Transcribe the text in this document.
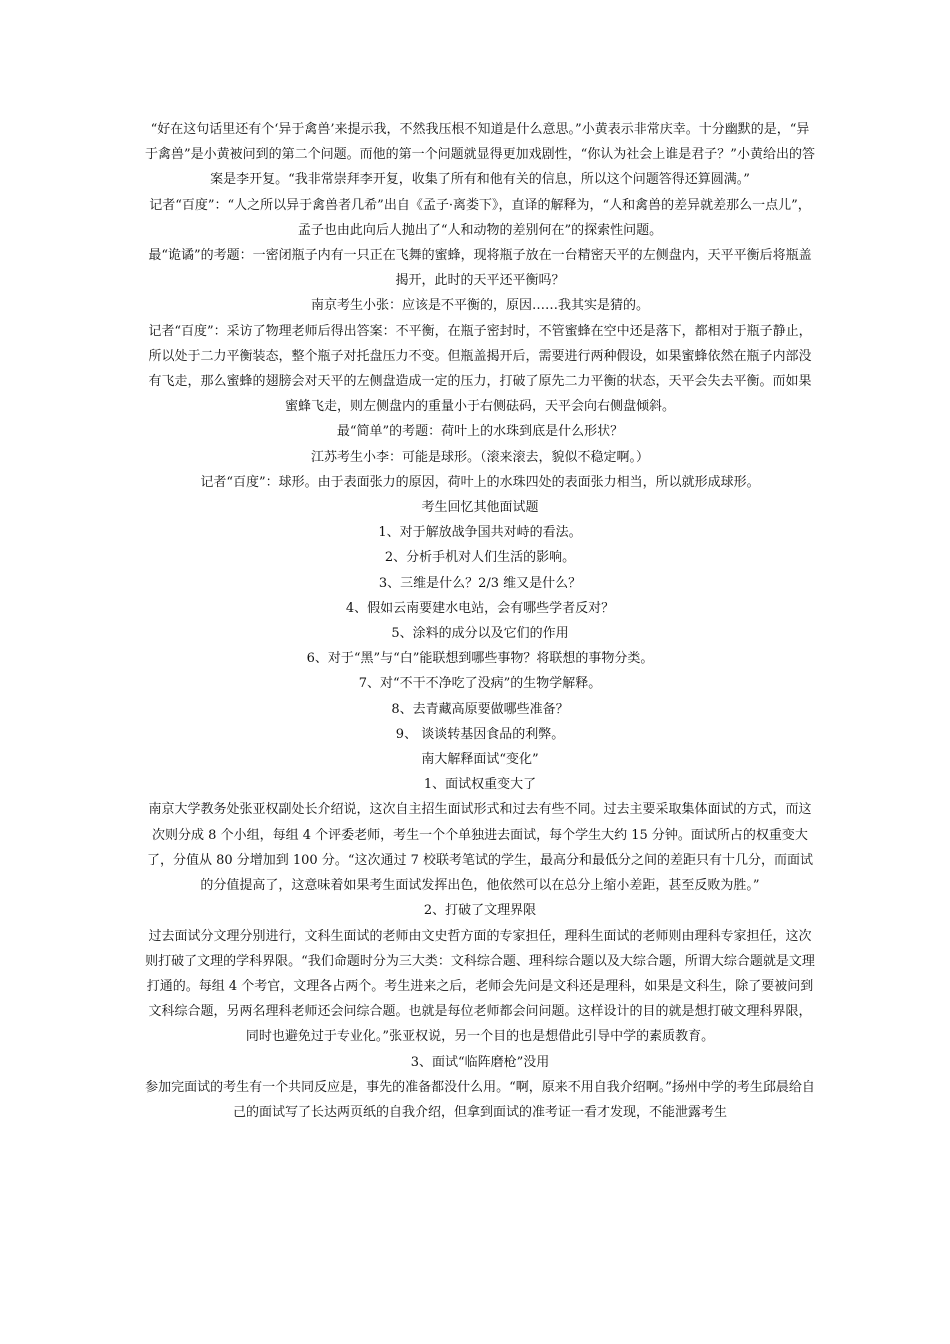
“好在这句话里还有个‘异于禽兽’来提示我，不然我压根不知道是什么意思。”小黄表示非常庆幸。十分幽默的是，“异于禽兽”是小黄被问到的第二个问题。而他的第一个问题就显得更加戏剧性，“你认为社会上谁是君子？”小黄给出的答案是李开复。“我非常崇拜李开复，收集了所有和他有关的信息，所以这个问题答得还算圆满。”

记者“百度”：“人之所以异于禽兽者几希”出自《孟子·离娄下》，直译的解释为，“人和禽兽的差异就差那么一点儿”，孟子也由此向后人抛出了“人和动物的差别何在”的探索性问题。

最“诡谲”的考题：一密闭瓶子内有一只正在飞舞的蜜蜂，现将瓶子放在一台精密天平的左侧盘内，天平平衡后将瓶盖揭开，此时的天平还平衡吗？

南京考生小张：应该是不平衡的，原因……我其实是猜的。

记者“百度”：采访了物理老师后得出答案：不平衡，在瓶子密封时，不管蜜蜂在空中还是落下，都相对于瓶子静止，所以处于二力平衡装态，整个瓶子对托盘压力不变。但瓶盖揭开后，需要进行两种假设，如果蜜蜂依然在瓶子内部没有飞走，那么蜜蜂的翅膀会对天平的左侧盘造成一定的压力，打破了原先二力平衡的状态，天平会失去平衡。而如果蜜蜂飞走，则左侧盘内的重量小于右侧砝码，天平会向右侧盘倾斜。

最“简单”的考题：荷叶上的水珠到底是什么形状？

江苏考生小李：可能是球形。（滚来滚去，貌似不稳定啊。）

记者“百度”：球形。由于表面张力的原因，荷叶上的水珠四处的表面张力相当，所以就形成球形。

考生回忆其他面试题

1、对于解放战争国共对峙的看法。

2、分析手机对人们生活的影响。

3、三维是什么？2/3 维又是什么？

4、假如云南要建水电站，会有哪些学者反对？

5、涂料的成分以及它们的作用

6、对于“黑”与“白”能联想到哪些事物？将联想的事物分类。

7、对“不干不净吃了没病”的生物学解释。

8、去青藏高原要做哪些准备？

9、 谈谈转基因食品的利弊。

南大解释面试“变化”

1、面试权重变大了

南京大学教务处张亚权副处长介绍说，这次自主招生面试形式和过去有些不同。过去主要采取集体面试的方式，而这次则分成 8 个小组，每组 4 个评委老师，考生一个个单独进去面试，每个学生大约 15 分钟。面试所占的权重变大了，分值从 80 分增加到 100 分。“这次通过 7 校联考笔试的学生，最高分和最低分之间的差距只有十几分，而面试的分值提高了，这意味着如果考生面试发挥出色，他依然可以在总分上缩小差距，甚至反败为胜。”

2、打破了文理界限

过去面试分文理分别进行，文科生面试的老师由文史哲方面的专家担任，理科生面试的老师则由理科专家担任，这次则打破了文理的学科界限。“我们命题时分为三大类：文科综合题、理科综合题以及大综合题，所谓大综合题就是文理打通的。每组 4 个考官，文理各占两个。考生进来之后，老师会先问是文科还是理科，如果是文科生，除了要被问到文科综合题，另两名理科老师还会问综合题。也就是每位老师都会问问题。这样设计的目的就是想打破文理科界限，同时也避免过于专业化。”张亚权说，另一个目的也是想借此引导中学的素质教育。

3、面试“临阵磨枪”没用

参加完面试的考生有一个共同反应是，事先的准备都没什么用。“啊，原来不用自我介绍啊。”扬州中学的考生邱晨给自己的面试写了长达两页纸的自我介绍，但拿到面试的准考证一看才发现，不能泄露考生
